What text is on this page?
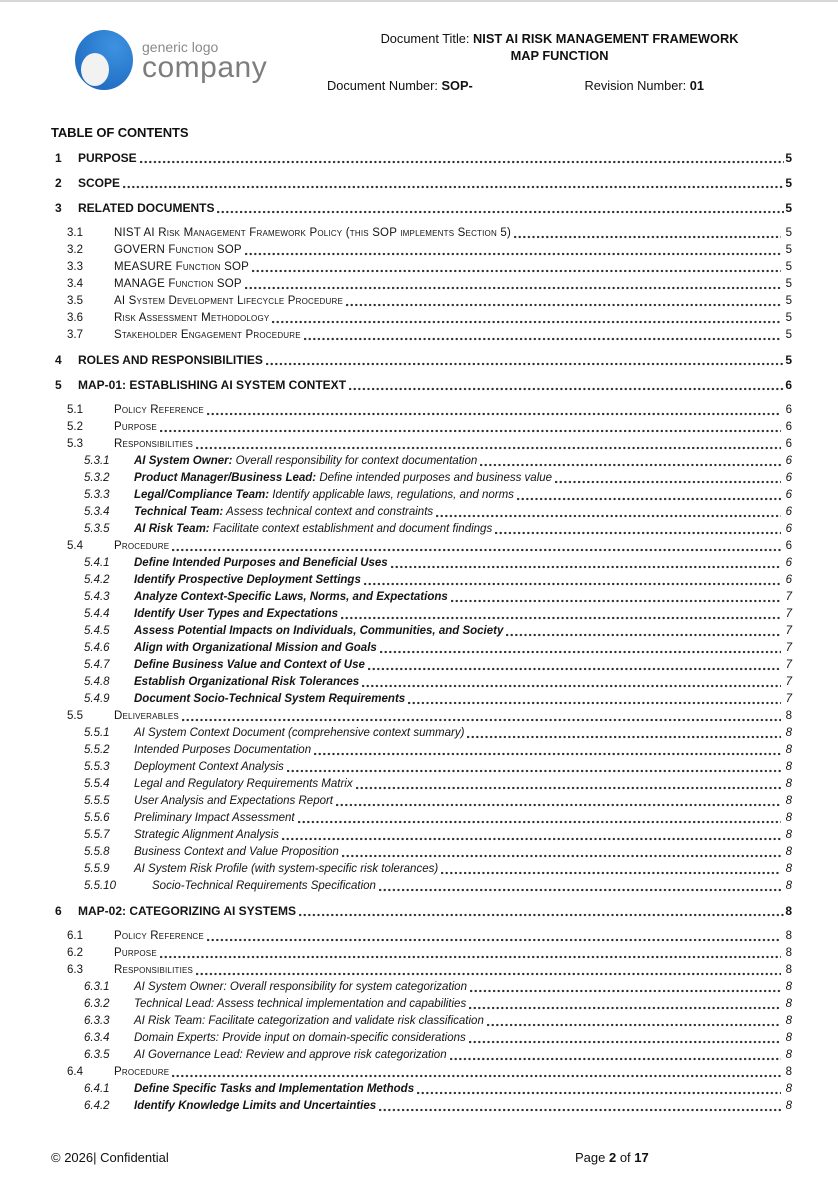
generic logo
company
Document Title: NIST AI RISK MANAGEMENT FRAMEWORK
MAP FUNCTION
Document Number: SOP-	Revision Number: 01
TABLE OF CONTENTS
1	PURPOSE	5
2	SCOPE	5
3	RELATED DOCUMENTS	5
3.1	NIST AI Risk Management Framework Policy (this SOP implements Section 5)	5
3.2	GOVERN Function SOP	5
3.3	MEASURE Function SOP	5
3.4	MANAGE Function SOP	5
3.5	AI System Development Lifecycle Procedure	5
3.6	Risk Assessment Methodology	5
3.7	Stakeholder Engagement Procedure	5
4	ROLES AND RESPONSIBILITIES	5
5	MAP-01: ESTABLISHING AI SYSTEM CONTEXT	6
5.1	Policy Reference	6
5.2	Purpose	6
5.3	Responsibilities	6
5.3.1	AI System Owner: Overall responsibility for context documentation	6
5.3.2	Product Manager/Business Lead: Define intended purposes and business value	6
5.3.3	Legal/Compliance Team: Identify applicable laws, regulations, and norms	6
5.3.4	Technical Team: Assess technical context and constraints	6
5.3.5	AI Risk Team: Facilitate context establishment and document findings	6
5.4	Procedure	6
5.4.1	Define Intended Purposes and Beneficial Uses	6
5.4.2	Identify Prospective Deployment Settings	6
5.4.3	Analyze Context-Specific Laws, Norms, and Expectations	7
5.4.4	Identify User Types and Expectations	7
5.4.5	Assess Potential Impacts on Individuals, Communities, and Society	7
5.4.6	Align with Organizational Mission and Goals	7
5.4.7	Define Business Value and Context of Use	7
5.4.8	Establish Organizational Risk Tolerances	7
5.4.9	Document Socio-Technical System Requirements	7
5.5	Deliverables	8
5.5.1	AI System Context Document (comprehensive context summary)	8
5.5.2	Intended Purposes Documentation	8
5.5.3	Deployment Context Analysis	8
5.5.4	Legal and Regulatory Requirements Matrix	8
5.5.5	User Analysis and Expectations Report	8
5.5.6	Preliminary Impact Assessment	8
5.5.7	Strategic Alignment Analysis	8
5.5.8	Business Context and Value Proposition	8
5.5.9	AI System Risk Profile (with system-specific risk tolerances)	8
5.5.10	Socio-Technical Requirements Specification	8
6	MAP-02: CATEGORIZING AI SYSTEMS	8
6.1	Policy Reference	8
6.2	Purpose	8
6.3	Responsibilities	8
6.3.1	AI System Owner: Overall responsibility for system categorization	8
6.3.2	Technical Lead: Assess technical implementation and capabilities	8
6.3.3	AI Risk Team: Facilitate categorization and validate risk classification	8
6.3.4	Domain Experts: Provide input on domain-specific considerations	8
6.3.5	AI Governance Lead: Review and approve risk categorization	8
6.4	Procedure	8
6.4.1	Define Specific Tasks and Implementation Methods	8
6.4.2	Identify Knowledge Limits and Uncertainties	8

© 2026| Confidential

	Page 2 of 17
